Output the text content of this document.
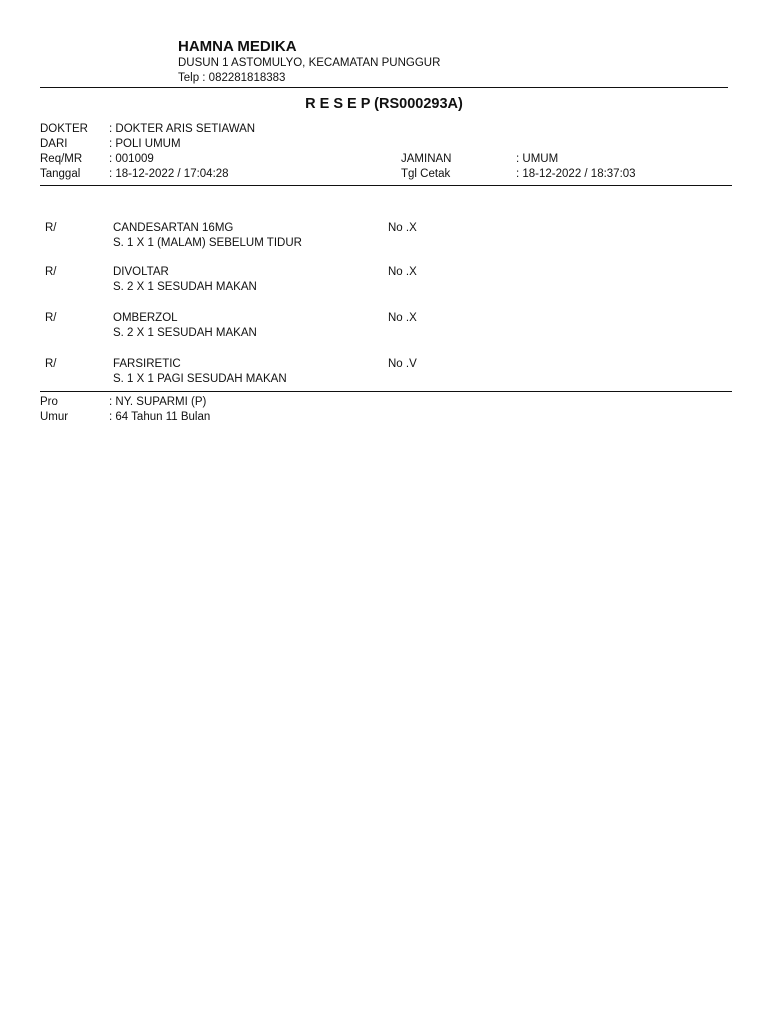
HAMNA MEDIKA
DUSUN 1 ASTOMULYO, KECAMATAN PUNGGUR
Telp : 082281818383
R E S E P (RS000293A)
DOKTER : DOKTER ARIS SETIAWAN
DARI	: POLI UMUM
Req/MR : 001009	JAMINAN	: UMUM
Tanggal : 18-12-2022 / 17:04:28	Tgl Cetak	: 18-12-2022 / 18:37:03
R/	CANDESARTAN 16MG	No .X
S. 1 X 1 (MALAM) SEBELUM TIDUR
R/	DIVOLTAR	No .X
S. 2 X 1 SESUDAH MAKAN
R/	OMBERZOL	No .X
S. 2 X 1 SESUDAH MAKAN
R/	FARSIRETIC	No .V
S. 1 X 1 PAGI SESUDAH MAKAN
Pro	: NY. SUPARMI (P)
Umur	: 64 Tahun 11 Bulan
